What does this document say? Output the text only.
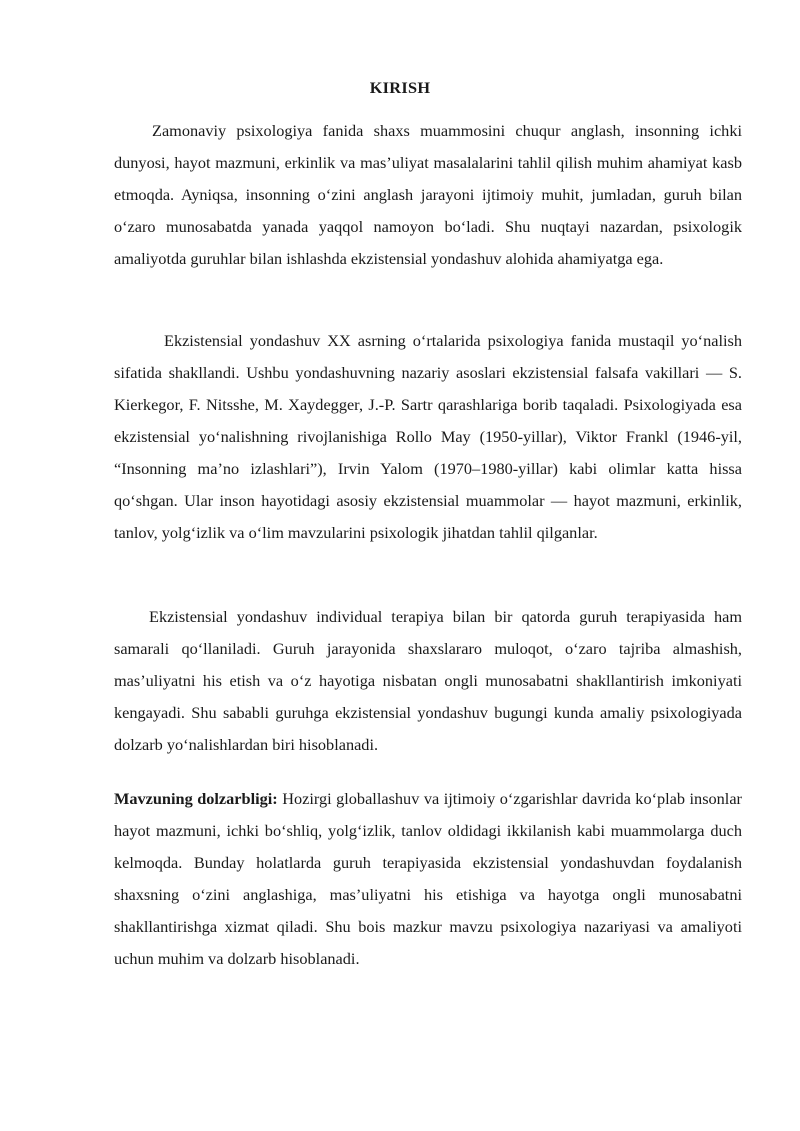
KIRISH

Zamonaviy psixologiya fanida shaxs muammosini chuqur anglash, insonning ichki dunyosi, hayot mazmuni, erkinlik va mas’uliyat masalalarini tahlil qilish muhim ahamiyat kasb etmoqda. Ayniqsa, insonning o‘zini anglash jarayoni ijtimoiy muhit, jumladan, guruh bilan o‘zaro munosabatda yanada yaqqol namoyon bo‘ladi. Shu nuqtayi nazardan, psixologik amaliyotda guruhlar bilan ishlashda ekzistensial yondashuv alohida ahamiyatga ega.

Ekzistensial yondashuv XX asrning o‘rtalarida psixologiya fanida mustaqil yo‘nalish sifatida shakllandi. Ushbu yondashuvning nazariy asoslari ekzistensial falsafa vakillari — S. Kierkegor, F. Nitsshe, M. Xaydegger, J.-P. Sartr qarashlariga borib taqaladi. Psixologiyada esa ekzistensial yo‘nalishning rivojlanishiga Rollo May (1950-yillar), Viktor Frankl (1946-yil, “Insonning ma’no izlashlari”), Irvin Yalom (1970–1980-yillar) kabi olimlar katta hissa qo‘shgan. Ular inson hayotidagi asosiy ekzistensial muammolar — hayot mazmuni, erkinlik, tanlov, yolg‘izlik va o‘lim mavzularini psixologik jihatdan tahlil qilganlar.

Ekzistensial yondashuv individual terapiya bilan bir qatorda guruh terapiyasida ham samarali qo‘llaniladi. Guruh jarayonida shaxslararo muloqot, o‘zaro tajriba almashish, mas’uliyatni his etish va o‘z hayotiga nisbatan ongli munosabatni shakllantirish imkoniyati kengayadi. Shu sababli guruhga ekzistensial yondashuv bugungi kunda amaliy psixologiyada dolzarb yo‘nalishlardan biri hisoblanadi.

Mavzuning dolzarbligi: Hozirgi globallashuv va ijtimoiy o‘zgarishlar davrida ko‘plab insonlar hayot mazmuni, ichki bo‘shliq, yolg‘izlik, tanlov oldidagi ikkilanish kabi muammolarga duch kelmoqda. Bunday holatlarda guruh terapiyasida ekzistensial yondashuvdan foydalanish shaxsning o‘zini anglashiga, mas’uliyatni his etishiga va hayotga ongli munosabatni shakllantirishga xizmat qiladi. Shu bois mazkur mavzu psixologiya nazariyasi va amaliyoti uchun muhim va dolzarb hisoblanadi.
